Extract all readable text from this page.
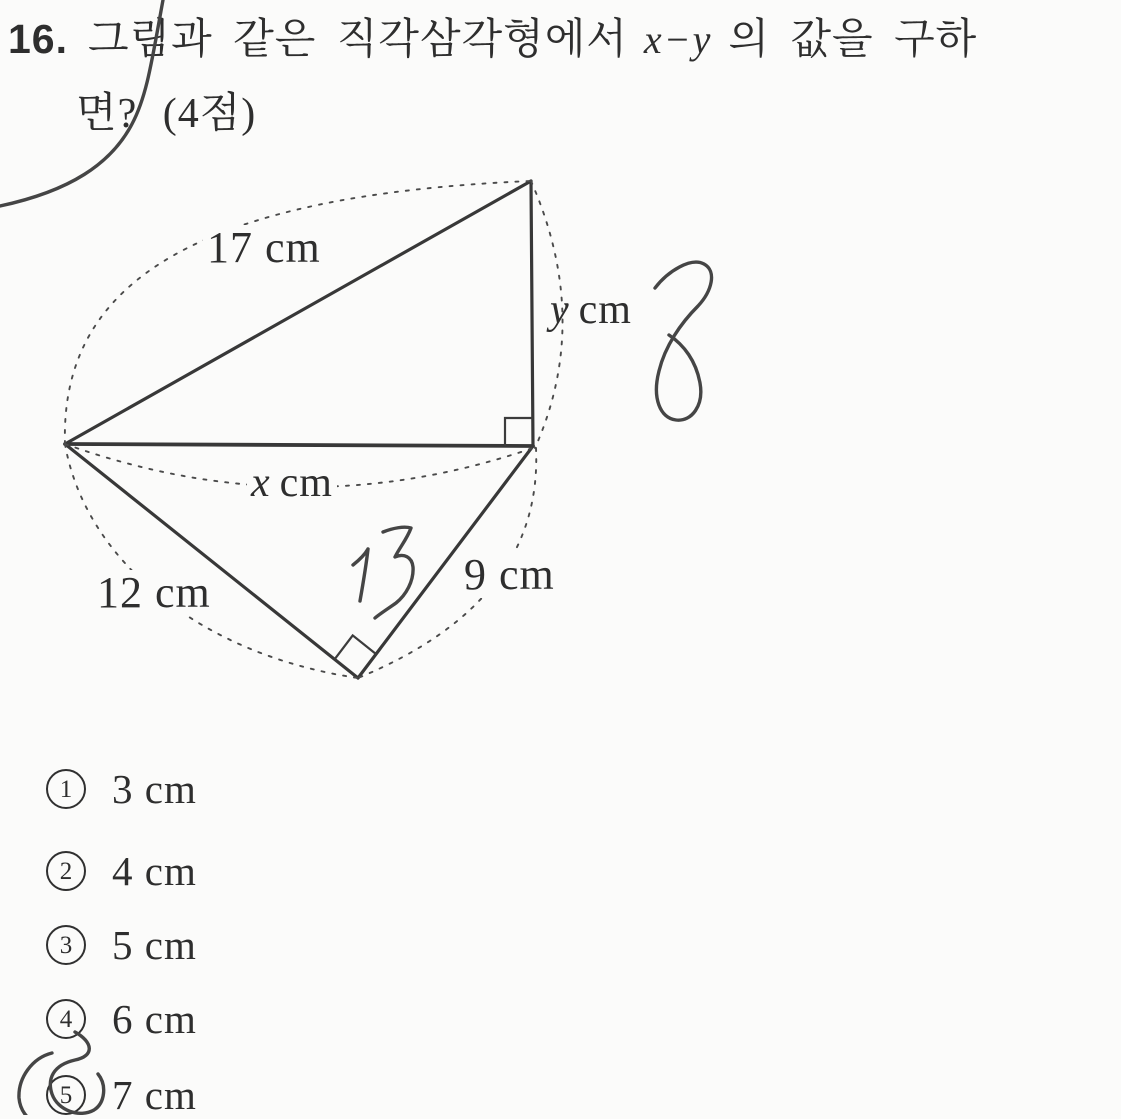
16. 그림과 같은 직각삼각형에서 x−y 의 값을 구하
면? (4점)
17 cm
y cm
x cm
12 cm	9 cm
1 3 cm
2 4 cm
3 5 cm
4 6 cm
5 7 cm
